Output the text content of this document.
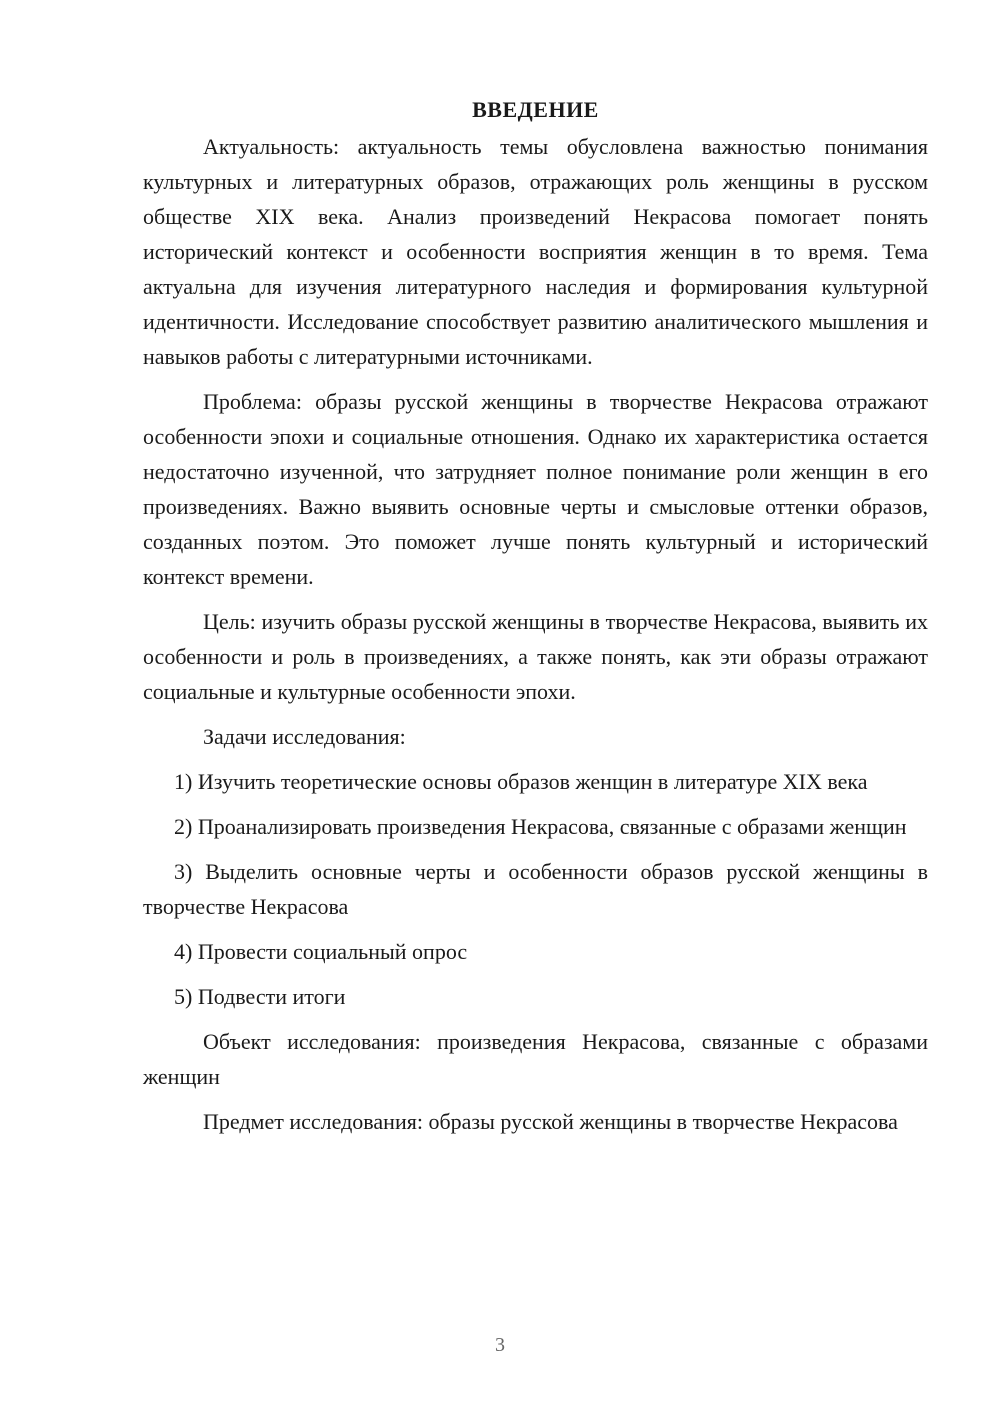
ВВЕДЕНИЕ

Актуальность: актуальность темы обусловлена важностью понимания культурных и литературных образов, отражающих роль женщины в русском обществе XIX века. Анализ произведений Некрасова помогает понять исторический контекст и особенности восприятия женщин в то время. Тема актуальна для изучения литературного наследия и формирования культурной идентичности. Исследование способствует развитию аналитического мышления и навыков работы с литературными источниками.

Проблема: образы русской женщины в творчестве Некрасова отражают особенности эпохи и социальные отношения. Однако их характеристика остается недостаточно изученной, что затрудняет полное понимание роли женщин в его произведениях. Важно выявить основные черты и смысловые оттенки образов, созданных поэтом. Это поможет лучше понять культурный и исторический контекст времени.

Цель: изучить образы русской женщины в творчестве Некрасова, выявить их особенности и роль в произведениях, а также понять, как эти образы отражают социальные и культурные особенности эпохи.

Задачи исследования:

1) Изучить теоретические основы образов женщин в литературе XIX века

2) Проанализировать произведения Некрасова, связанные с образами женщин

3) Выделить основные черты и особенности образов русской женщины в творчестве Некрасова

4) Провести социальный опрос

5) Подвести итоги

Объект исследования: произведения Некрасова, связанные с образами женщин

Предмет исследования: образы русской женщины в творчестве Некрасова

3
